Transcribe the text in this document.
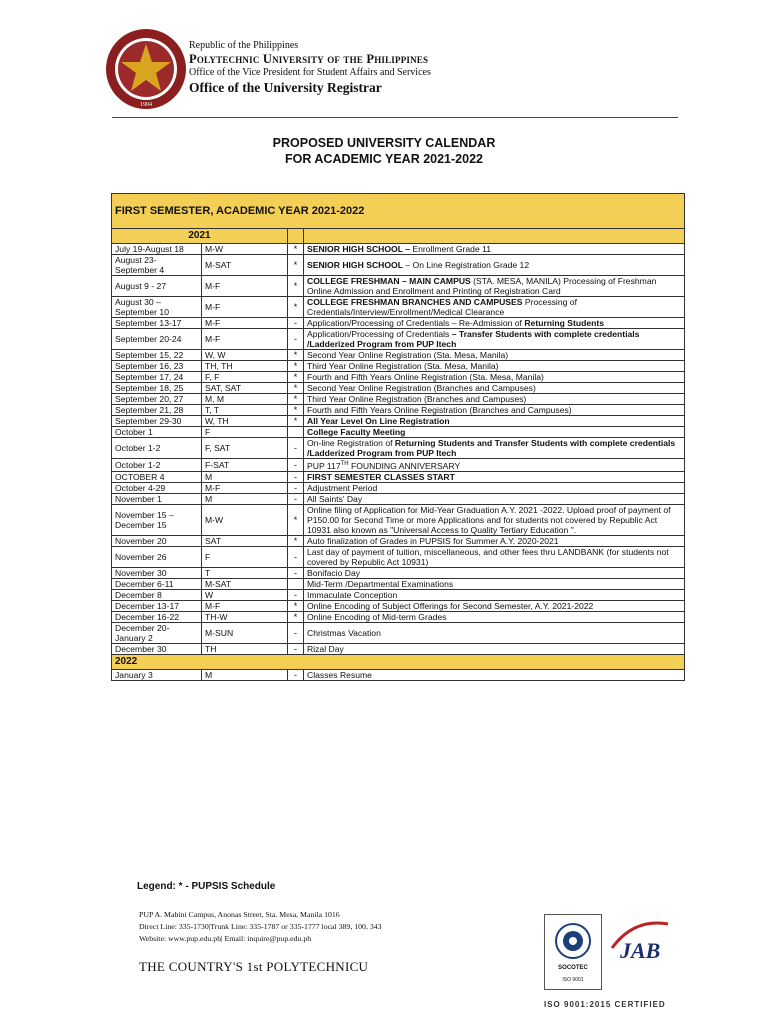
1904
Republic of the Philippines
Polytechnic University of the Philippines
Office of the Vice President for Student Affairs and Services
Office of the University Registrar
PROPOSED UNIVERSITY CALENDAR
FOR ACADEMIC YEAR 2021-2022
FIRST SEMESTER, ACADEMIC YEAR 2021-2022			
2021			
July 19-August 18	M-W	*	SENIOR HIGH SCHOOL – Enrollment Grade 11
August 23-September 4	M-SAT	*	SENIOR HIGH SCHOOL – On Line Registration Grade 12
August 9 - 27	M-F	*	COLLEGE FRESHMAN – MAIN CAMPUS (STA. MESA, MANILA) Processing of Freshman Online Admission and Enrollment and Printing of Registration Card
August 30 – September 10	M-F	*	COLLEGE FRESHMAN BRANCHES AND CAMPUSES Processing of Credentials/Interview/Enrollment/Medical Clearance
September 13-17	M-F	-	Application/Processing of Credentials – Re-Admission of Returning Students
September 20-24	M-F	-	Application/Processing of Credentials – Transfer Students with complete credentials /Ladderized Program from PUP Itech
September 15, 22	W, W	*	Second Year Online Registration (Sta. Mesa, Manila)
September 16, 23	TH, TH	*	Third Year Online Registration (Sta. Mesa, Manila)
September 17, 24	F, F	*	Fourth and Fifth Years Online Registration (Sta. Mesa, Manila)
September 18, 25	SAT, SAT	*	Second Year Online Registration (Branches and Campuses)
September 20, 27	M, M	*	Third Year Online Registration (Branches and Campuses)
September 21, 28	T, T	*	Fourth and Fifth Years Online Registration (Branches and Campuses)
September 29-30	W, TH	*	All Year Level On Line Registration
October 1	F		College Faculty Meeting
October 1-2	F, SAT	-	On-line Registration of Returning Students and Transfer Students with complete credentials /Ladderized Program from PUP Itech
October 1-2	F-SAT	-	PUP 117TH FOUNDING ANNIVERSARY
OCTOBER 4	M	-	FIRST SEMESTER CLASSES START
October 4-29	M-F	-	Adjustment Period
November 1	M	-	All Saints' Day
November 15 – December 15	M-W	*	Online filing of Application for Mid-Year Graduation A.Y. 2021 -2022. Upload proof of payment of P150.00 for Second Time or more Applications and for students not covered by Republic Act 10931 also known as "Universal Access to Quality Tertiary Education ".
November 20	SAT	*	Auto finalization of Grades in PUPSIS for Summer A.Y. 2020-2021
November 26	F	-	Last day of payment of tuition, miscellaneous, and other fees thru LANDBANK (for students not covered by Republic Act 10931)
November 30	T	-	Bonifacio Day
December 6-11	M-SAT		Mid-Term /Departmental Examinations
December 8	W	-	Immaculate Conception
December 13-17	M-F	*	Online Encoding of Subject Offerings for Second Semester, A.Y. 2021-2022
December 16-22	TH-W	*	Online Encoding of Mid-term Grades
December 20-January 2	M-SUN	-	Christmas Vacation
December 30	TH	-	Rizal Day
2022			
January 3	M	-	Classes Resume
Legend: * - PUPSIS Schedule
PUP A. Mabini Campus, Anonas Street, Sta. Mesa, Manila 1016
Direct Line: 335-1730|Trunk Line: 335-1787 or 335-1777 local 389, 100, 343
Website: www.pup.edu.ph| Email: inquire@pup.edu.ph
THE COUNTRY'S 1st POLYTECHNICU	SOCOTEC
ISO 9001
JAB
ISO 9001:2015 CERTIFIED
